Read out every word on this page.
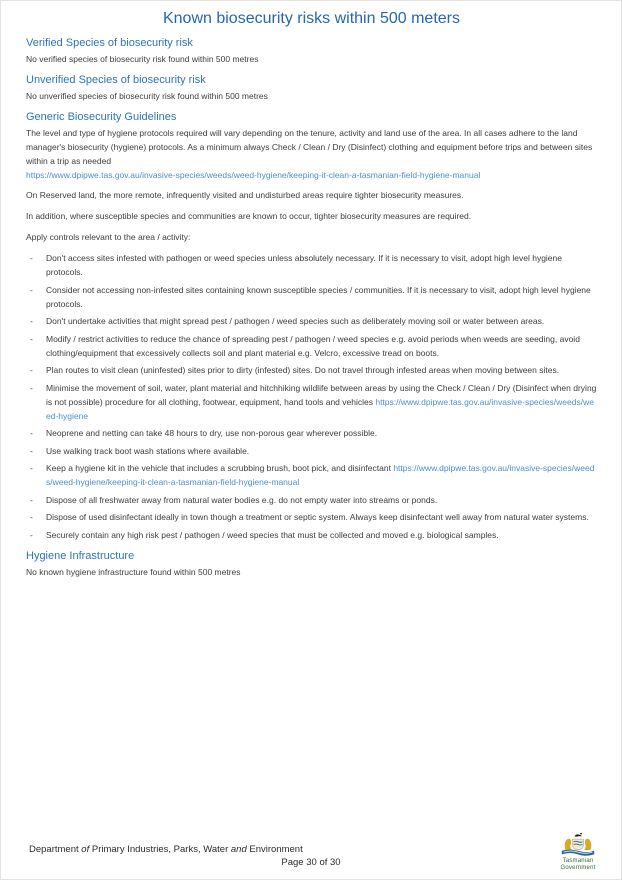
Known biosecurity risks within 500 meters
Verified Species of biosecurity risk
No verified species of biosecurity risk found within 500 metres
Unverified Species of biosecurity risk
No unverified species of biosecurity risk found within 500 metres
Generic Biosecurity Guidelines
The level and type of hygiene protocols required will vary depending on the tenure, activity and land use of the area. In all cases adhere to the land manager's biosecurity (hygiene) protocols. As a minimum always Check / Clean / Dry (Disinfect) clothing and equipment before trips and between sites within a trip as needed
https://www.dpipwe.tas.gov.au/invasive-species/weeds/weed-hygiene/keeping-it-clean-a-tasmanian-field-hygiene-manual
On Reserved land, the more remote, infrequently visited and undisturbed areas require tighter biosecurity measures.
In addition, where susceptible species and communities are known to occur, tighter biosecurity measures are required.
Apply controls relevant to the area / activity:
- Don't access sites infested with pathogen or weed species unless absolutely necessary. If it is necessary to visit, adopt high level hygiene protocols.
- Consider not accessing non-infested sites containing known susceptible species / communities. If it is necessary to visit, adopt high level hygiene protocols.
- Don't undertake activities that might spread pest / pathogen / weed species such as deliberately moving soil or water between areas.
- Modify / restrict activities to reduce the chance of spreading pest / pathogen / weed species e.g. avoid periods when weeds are seeding, avoid clothing/equipment that excessively collects soil and plant material e.g. Velcro, excessive tread on boots.
- Plan routes to visit clean (uninfested) sites prior to dirty (infested) sites. Do not travel through infested areas when moving between sites.
- Minimise the movement of soil, water, plant material and hitchhiking wildlife between areas by using the Check / Clean / Dry (Disinfect when drying is not possible) procedure for all clothing, footwear, equipment, hand tools and vehicles https://www.dpipwe.tas.gov.au/invasive-species/weeds/weed-hygiene
- Neoprene and netting can take 48 hours to dry, use non-porous gear wherever possible.
- Use walking track boot wash stations where available.
- Keep a hygiene kit in the vehicle that includes a scrubbing brush, boot pick, and disinfectant https://www.dpipwe.tas.gov.au/invasive-species/weeds/weed-hygiene/keeping-it-clean-a-tasmanian-field-hygiene-manual
- Dispose of all freshwater away from natural water bodies e.g. do not empty water into streams or ponds.
- Dispose of used disinfectant ideally in town though a treatment or septic system. Always keep disinfectant well away from natural water systems.
- Securely contain any high risk pest / pathogen / weed species that must be collected and moved e.g. biological samples.
Hygiene Infrastructure
No known hygiene infrastructure found within 500 metres
Department of Primary Industries, Parks, Water and Environment
Page 30 of 30	Tasmanian
Government
